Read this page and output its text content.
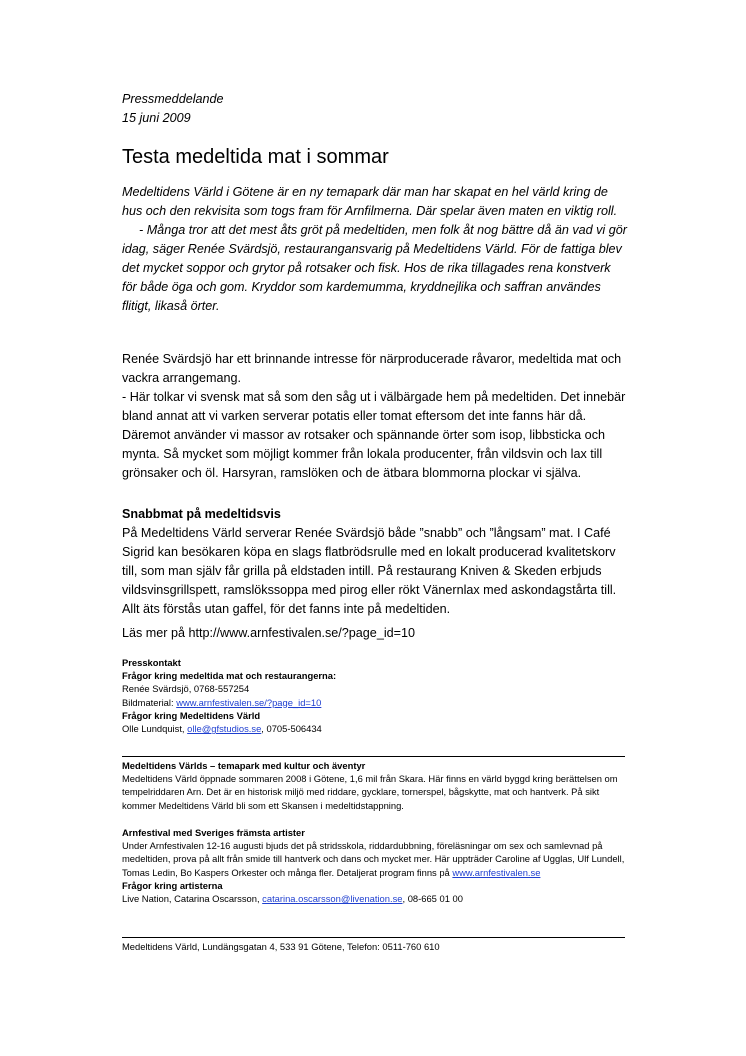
Pressmeddelande

15 juni 2009

Testa medeltida mat i sommar

Medeltidens Värld i Götene är en ny temapark där man har skapat en hel värld kring de hus och den rekvisita som togs fram för Arnfilmerna. Där spelar även maten en viktig roll.

- Många tror att det mest åts gröt på medeltiden, men folk åt nog bättre då än vad vi gör idag, säger Renée Svärdsjö, restaurangansvarig på Medeltidens Värld. För de fattiga blev det mycket soppor och grytor på rotsaker och fisk. Hos de rika tillagades rena konstverk för både öga och gom. Kryddor som kardemumma, kryddnejlika och saffran användes flitigt, likaså örter.

Renée Svärdsjö har ett brinnande intresse för närproducerade råvaror, medeltida mat och vackra arrangemang.

- Här tolkar vi svensk mat så som den såg ut i välbärgade hem på medeltiden. Det innebär bland annat att vi varken serverar potatis eller tomat eftersom det inte fanns här då. Däremot använder vi massor av rotsaker och spännande örter som isop, libbsticka och mynta. Så mycket som möjligt kommer från lokala producenter, från vildsvin och lax till grönsaker och öl. Harsyran, ramslöken och de ätbara blommorna plockar vi själva.

Snabbmat på medeltidsvis

På Medeltidens Värld serverar Renée Svärdsjö både ”snabb” och ”långsam” mat. I Café Sigrid kan besökaren köpa en slags flatbrödsrulle med en lokalt producerad kvalitetskorv till, som man själv får grilla på eldstaden intill. På restaurang Kniven & Skeden erbjuds vildsvinsgrillspett, ramslökssoppa med pirog eller rökt Vänernlax med askondagstårta till. Allt äts förstås utan gaffel, för det fanns inte på medeltiden.

Läs mer på http://www.arnfestivalen.se/?page_id=10

Presskontakt

Frågor kring medeltida mat och restaurangerna:

Renée Svärdsjö, 0768-557254

Bildmaterial: www.arnfestivalen.se/?page_id=10

Frågor kring Medeltidens Värld

Olle Lundquist, olle@gfstudios.se, 0705-506434

Medeltidens Världs – temapark med kultur och äventyr

Medeltidens Värld öppnade sommaren 2008 i Götene, 1,6 mil från Skara. Här finns en värld byggd kring berättelsen om tempelriddaren Arn. Det är en historisk miljö med riddare, gycklare, tornerspel, bågskytte, mat och hantverk. På sikt kommer Medeltidens Värld bli som ett Skansen i medeltidstappning.

Arnfestival med Sveriges främsta artister

Under Arnfestivalen 12-16 augusti bjuds det på stridsskola, riddardubbning, föreläsningar om sex och samlevnad på medeltiden, prova på allt från smide till hantverk och dans och mycket mer. Här uppträder Caroline af Ugglas, Ulf Lundell, Tomas Ledin, Bo Kaspers Orkester och många fler. Detaljerat program finns på www.arnfestivalen.se

Frågor kring artisterna

Live Nation, Catarina Oscarsson, catarina.oscarsson@livenation.se, 08-665 01 00

Medeltidens Värld, Lundängsgatan 4, 533 91 Götene, Telefon: 0511-760 610
